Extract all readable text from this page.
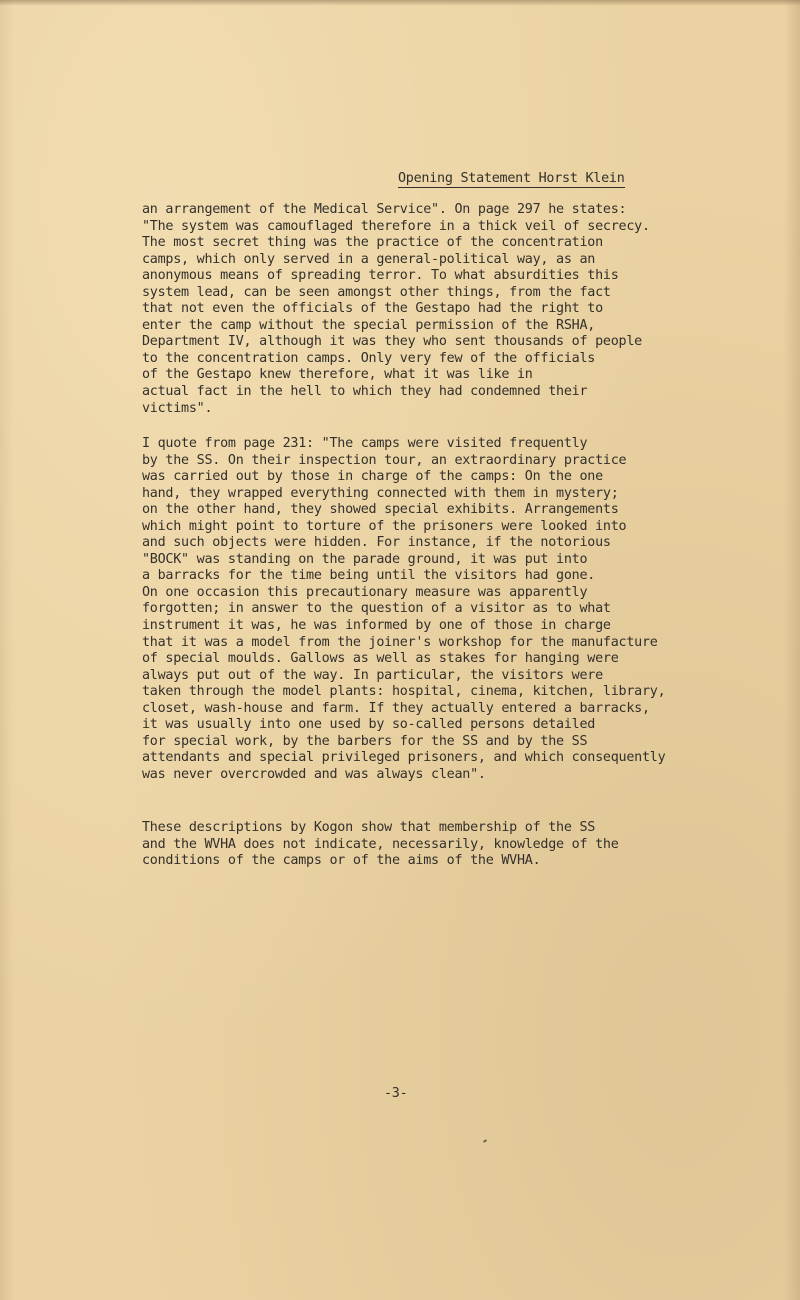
Opening Statement Horst Klein
an arrangement of the Medical Service". On page 297 he states:
"The system was camouflaged therefore in a thick veil of secrecy.
The most secret thing was the practice of the concentration
camps, which only served in a general-political way, as an
anonymous means of spreading terror. To what absurdities this
system lead, can be seen amongst other things, from the fact
that not even the officials of the Gestapo had the right to
enter the camp without the special permission of the RSHA,
Department IV, although it was they who sent thousands of people
to the concentration camps. Only very few of the officials
of the Gestapo knew therefore, what it was like in
actual fact in the hell to which they had condemned their
victims".
I quote from page 231: "The camps were visited frequently
by the SS. On their inspection tour, an extraordinary practice
was carried out by those in charge of the camps: On the one
hand, they wrapped everything connected with them in mystery;
on the other hand, they showed special exhibits. Arrangements
which might point to torture of the prisoners were looked into
and such objects were hidden. For instance, if the notorious
"BOCK" was standing on the parade ground, it was put into
a barracks for the time being until the visitors had gone.
On one occasion this precautionary measure was apparently
forgotten; in answer to the question of a visitor as to what
instrument it was, he was informed by one of those in charge
that it was a model from the joiner's workshop for the manufacture
of special moulds. Gallows as well as stakes for hanging were
always put out of the way. In particular, the visitors were
taken through the model plants: hospital, cinema, kitchen, library,
closet, wash-house and farm. If they actually entered a barracks,
it was usually into one used by so-called persons detailed
for special work, by the barbers for the SS and by the SS
attendants and special privileged prisoners, and which consequently
was never overcrowded and was always clean".
These descriptions by Kogon show that membership of the SS
and the WVHA does not indicate, necessarily, knowledge of the
conditions of the camps or of the aims of the WVHA.
-3-
